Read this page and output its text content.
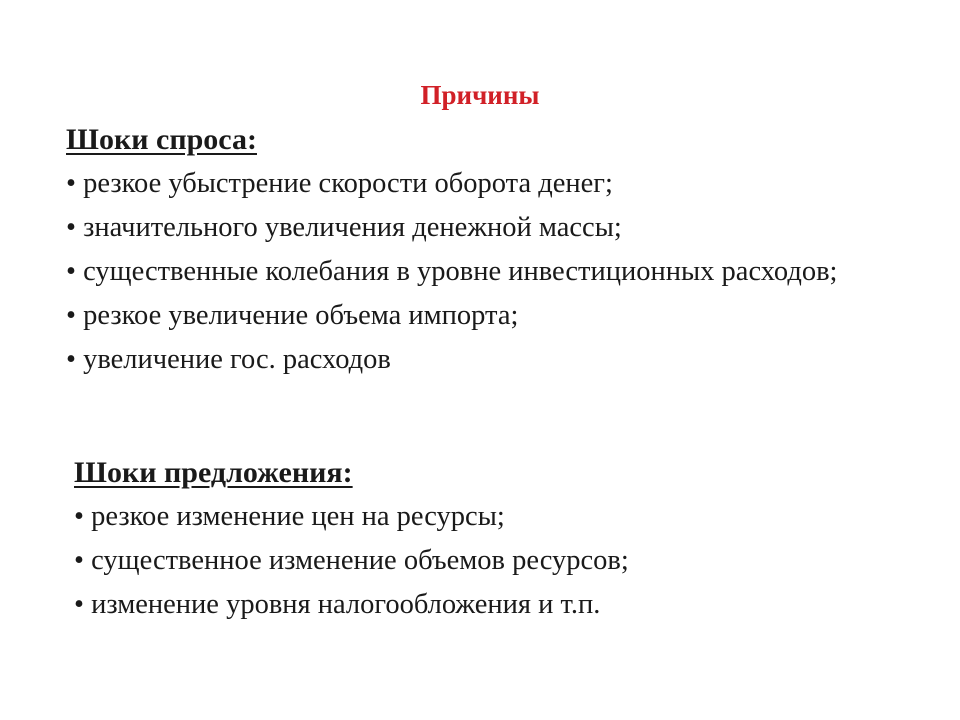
Причины
Шоки спроса:
• резкое убыстрение скорости оборота денег;
• значительного увеличения денежной массы;
• существенные колебания в уровне инвестиционных расходов;
• резкое увеличение объема импорта;
• увеличение гос. расходов
Шоки предложения:
• резкое изменение цен на ресурсы;
• существенное изменение объемов ресурсов;
• изменение уровня налогообложения и т.п.
